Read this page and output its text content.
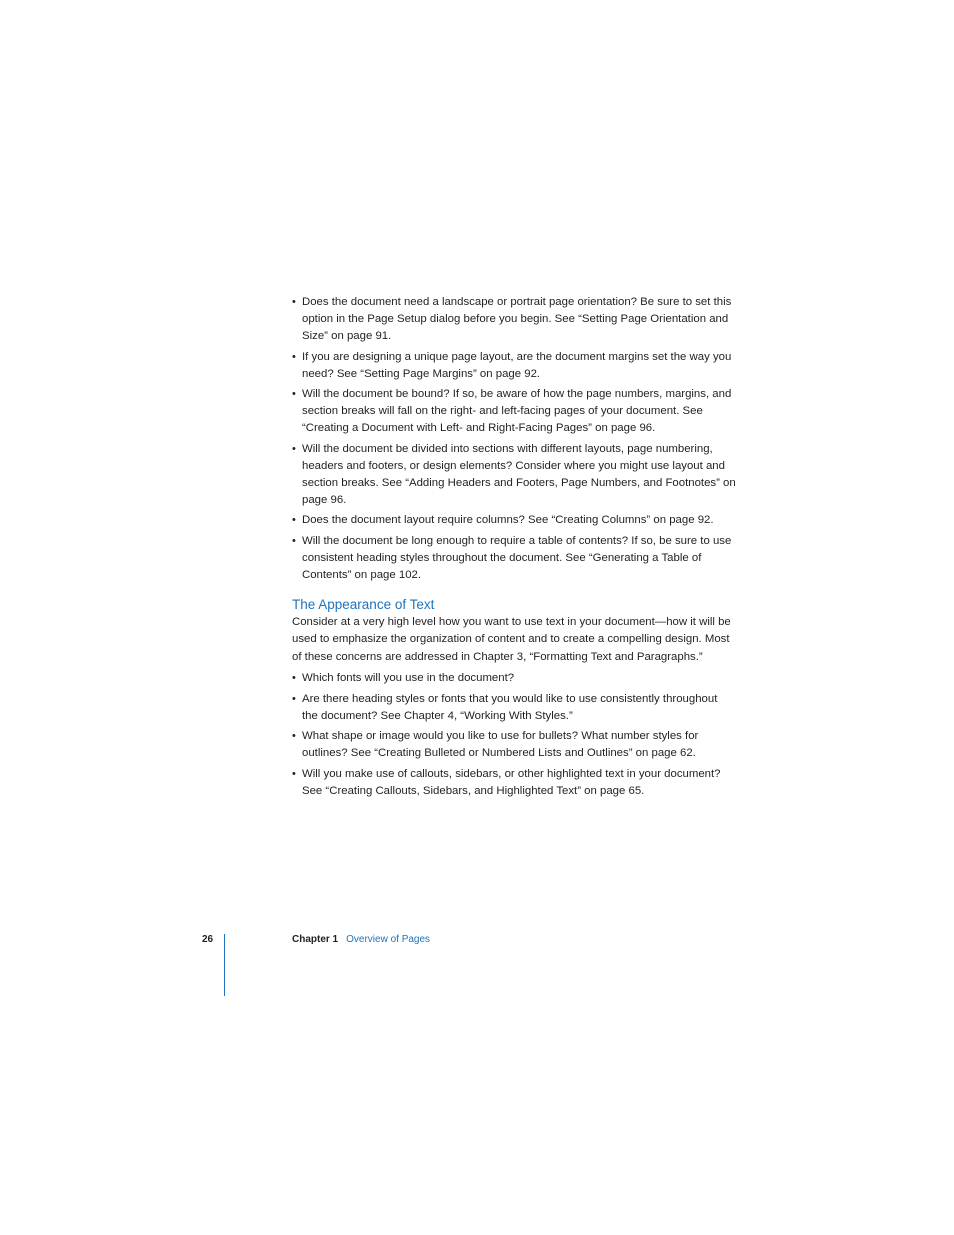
• Does the document need a landscape or portrait page orientation? Be sure to set this option in the Page Setup dialog before you begin. See “Setting Page Orientation and Size” on page 91.
• If you are designing a unique page layout, are the document margins set the way you need? See “Setting Page Margins” on page 92.
• Will the document be bound? If so, be aware of how the page numbers, margins, and section breaks will fall on the right- and left-facing pages of your document. See “Creating a Document with Left- and Right-Facing Pages” on page 96.
• Will the document be divided into sections with different layouts, page numbering, headers and footers, or design elements? Consider where you might use layout and section breaks. See “Adding Headers and Footers, Page Numbers, and Footnotes” on page 96.
• Does the document layout require columns? See “Creating Columns” on page 92.
• Will the document be long enough to require a table of contents? If so, be sure to use consistent heading styles throughout the document. See “Generating a Table of Contents” on page 102.
The Appearance of Text

Consider at a very high level how you want to use text in your document—how it will be used to emphasize the organization of content and to create a compelling design. Most of these concerns are addressed in Chapter 3, “Formatting Text and Paragraphs.”

• Which fonts will you use in the document?
• Are there heading styles or fonts that you would like to use consistently throughout the document? See Chapter 4, “Working With Styles.”
• What shape or image would you like to use for bullets? What number styles for outlines? See “Creating Bulleted or Numbered Lists and Outlines” on page 62.
• Will you make use of callouts, sidebars, or other highlighted text in your document? See “Creating Callouts, Sidebars, and Highlighted Text” on page 65.
26	Chapter 1 Overview of Pages
